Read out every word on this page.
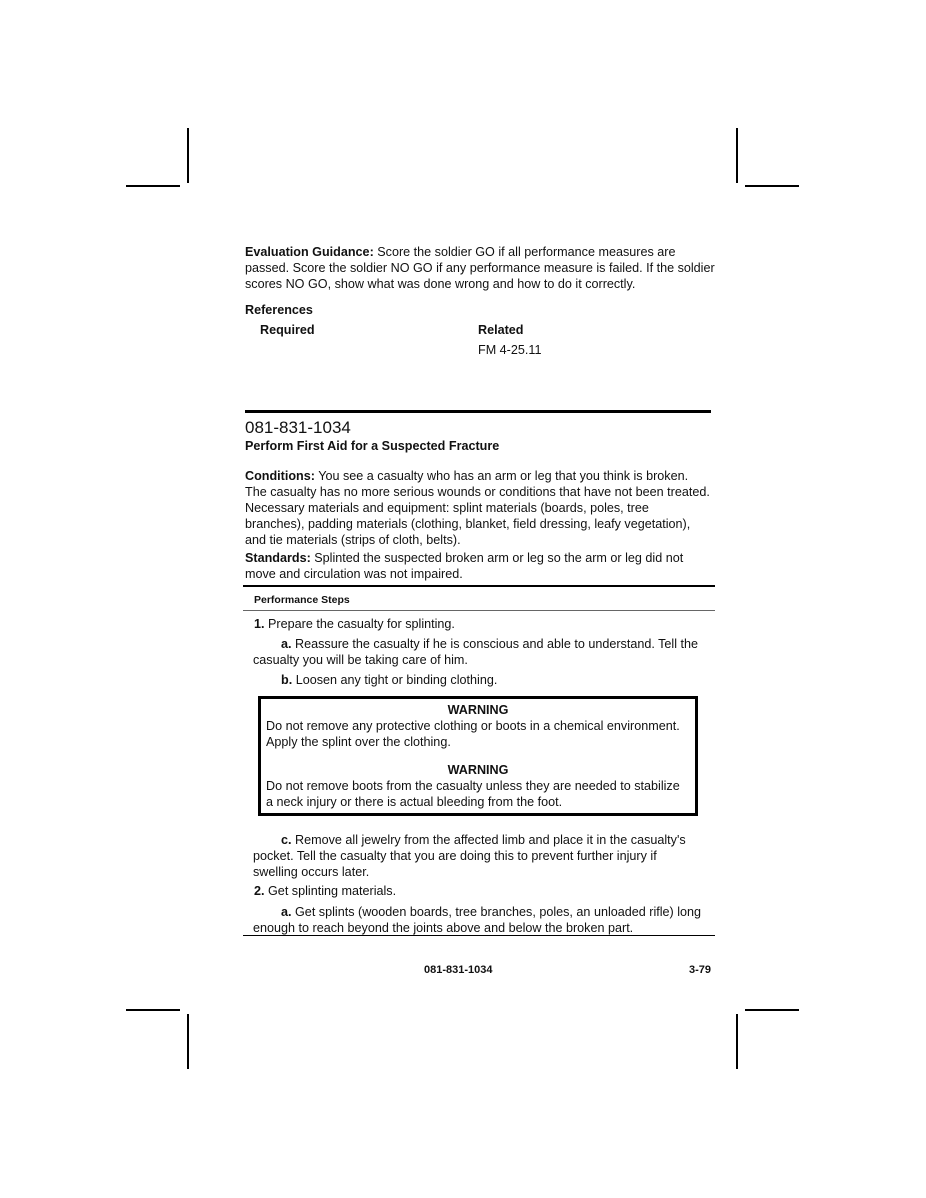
Evaluation Guidance: Score the soldier GO if all performance measures are passed. Score the soldier NO GO if any performance measure is failed. If the soldier scores NO GO, show what was done wrong and how to do it correctly.

References
Required	Related
FM 4-25.11
081-831-1034
Perform First Aid for a Suspected Fracture

Conditions: You see a casualty who has an arm or leg that you think is broken. The casualty has no more serious wounds or conditions that have not been treated. Necessary materials and equipment: splint materials (boards, poles, tree branches), padding materials (clothing, blanket, field dressing, leafy vegetation), and tie materials (strips of cloth, belts).

Standards: Splinted the suspected broken arm or leg so the arm or leg did not move and circulation was not impaired.

Performance Steps

1. Prepare the casualty for splinting.

a. Reassure the casualty if he is conscious and able to understand. Tell the casualty you will be taking care of him.

b. Loosen any tight or binding clothing.

WARNING
Do not remove any protective clothing or boots in a chemical environment. Apply the splint over the clothing.
WARNING
Do not remove boots from the casualty unless they are needed to stabilize a neck injury or there is actual bleeding from the foot.

c. Remove all jewelry from the affected limb and place it in the casualty's pocket. Tell the casualty that you are doing this to prevent further injury if swelling occurs later.

2. Get splinting materials.

a. Get splints (wooden boards, tree branches, poles, an unloaded rifle) long enough to reach beyond the joints above and below the broken part.

081-831-1034	3-79
